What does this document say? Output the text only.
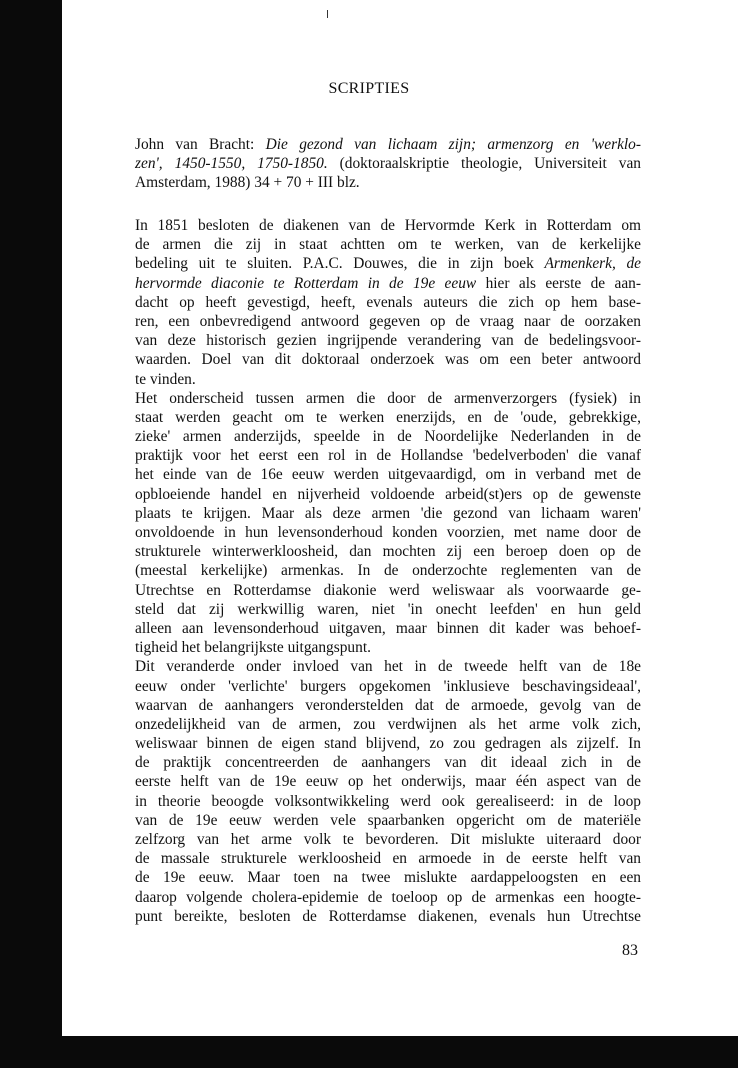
SCRIPTIES
John van Bracht: Die gezond van lichaam zijn; armenzorg en 'werklo-
zen', 1450-1550, 1750-1850. (doktoraalskriptie theologie, Universiteit van
Amsterdam, 1988) 34 + 70 + III blz.
In 1851 besloten de diakenen van de Hervormde Kerk in Rotterdam om
de armen die zij in staat achtten om te werken, van de kerkelijke
bedeling uit te sluiten. P.A.C. Douwes, die in zijn boek Armenkerk, de
hervormde diaconie te Rotterdam in de 19e eeuw hier als eerste de aan-
dacht op heeft gevestigd, heeft, evenals auteurs die zich op hem base-
ren, een onbevredigend antwoord gegeven op de vraag naar de oorzaken
van deze historisch gezien ingrijpende verandering van de bedelingsvoor-
waarden. Doel van dit doktoraal onderzoek was om een beter antwoord
te vinden.
Het onderscheid tussen armen die door de armenverzorgers (fysiek) in
staat werden geacht om te werken enerzijds, en de 'oude, gebrekkige,
zieke' armen anderzijds, speelde in de Noordelijke Nederlanden in de
praktijk voor het eerst een rol in de Hollandse 'bedelverboden' die vanaf
het einde van de 16e eeuw werden uitgevaardigd, om in verband met de
opbloeiende handel en nijverheid voldoende arbeid(st)ers op de gewenste
plaats te krijgen. Maar als deze armen 'die gezond van lichaam waren'
onvoldoende in hun levensonderhoud konden voorzien, met name door de
strukturele winterwerkloosheid, dan mochten zij een beroep doen op de
(meestal kerkelijke) armenkas. In de onderzochte reglementen van de
Utrechtse en Rotterdamse diakonie werd weliswaar als voorwaarde ge-
steld dat zij werkwillig waren, niet 'in onecht leefden' en hun geld
alleen aan levensonderhoud uitgaven, maar binnen dit kader was behoef-
tigheid het belangrijkste uitgangspunt.
Dit veranderde onder invloed van het in de tweede helft van de 18e
eeuw onder 'verlichte' burgers opgekomen 'inklusieve beschavingsideaal',
waarvan de aanhangers veronderstelden dat de armoede, gevolg van de
onzedelijkheid van de armen, zou verdwijnen als het arme volk zich,
weliswaar binnen de eigen stand blijvend, zo zou gedragen als zijzelf. In
de praktijk concentreerden de aanhangers van dit ideaal zich in de
eerste helft van de 19e eeuw op het onderwijs, maar één aspect van de
in theorie beoogde volksontwikkeling werd ook gerealiseerd: in de loop
van de 19e eeuw werden vele spaarbanken opgericht om de materiële
zelfzorg van het arme volk te bevorderen. Dit mislukte uiteraard door
de massale strukturele werkloosheid en armoede in de eerste helft van
de 19e eeuw. Maar toen na twee mislukte aardappeloogsten en een
daarop volgende cholera-epidemie de toeloop op de armenkas een hoogte-
punt bereikte, besloten de Rotterdamse diakenen, evenals hun Utrechtse
83
